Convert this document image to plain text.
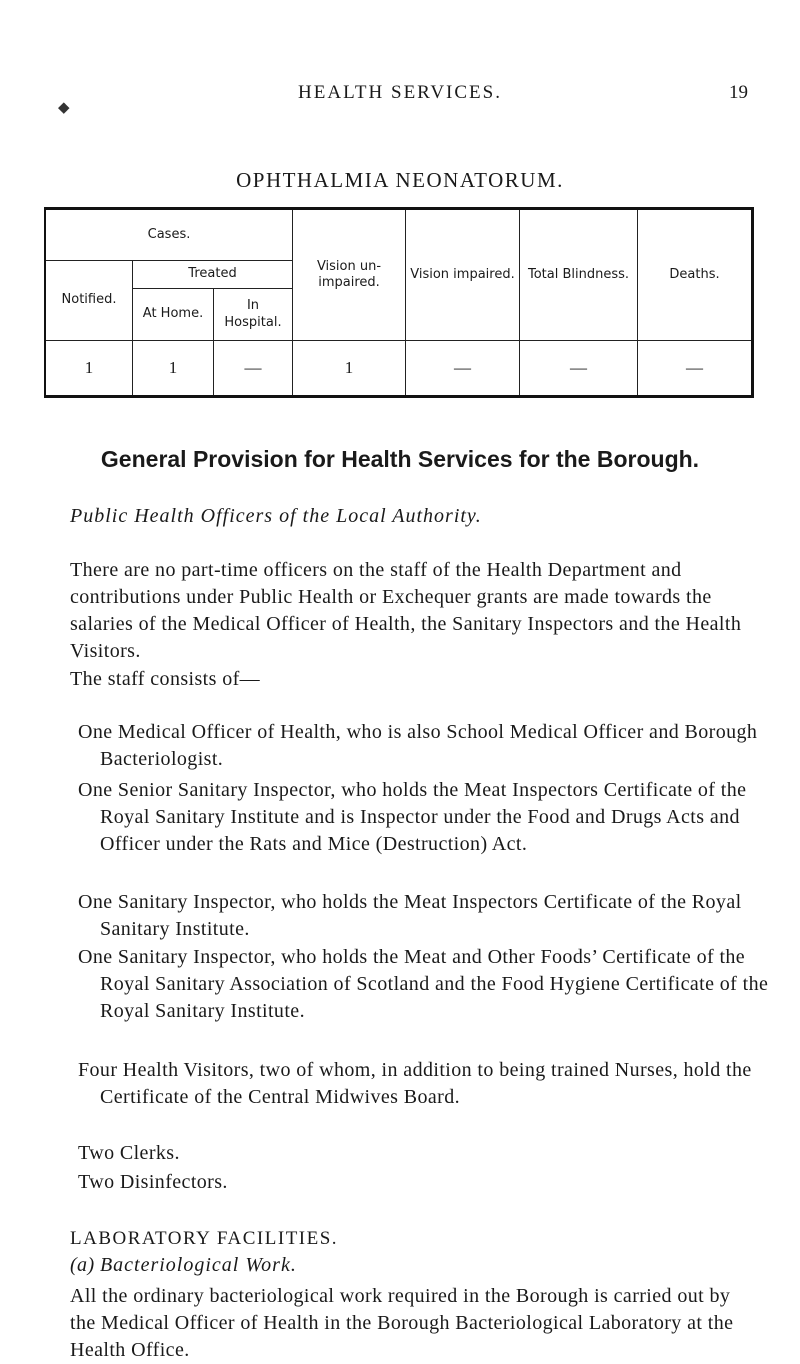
HEALTH SERVICES.	19
◆
OPHTHALMIA NEONATORUM.
Cases.			Vision un- impaired.	Vision impaired.	Total Blindness.	Deaths.
Notified.	Treated					
	At Home.	In Hospital.				
1	1	—	1	—	—	—
General Provision for Health Services for the Borough.
Public Health Officers of the Local Authority.
There are no part-time officers on the staff of the Health Department and contributions under Public Health or Exchequer grants are made towards the salaries of the Medical Officer of Health, the Sanitary Inspectors and the Health Visitors.
The staff consists of—
One Medical Officer of Health, who is also School Medical Officer and Borough Bacteriologist.
One Senior Sanitary Inspector, who holds the Meat Inspectors Certificate of the Royal Sanitary Institute and is Inspector under the Food and Drugs Acts and Officer under the Rats and Mice (Destruction) Act.
One Sanitary Inspector, who holds the Meat Inspectors Certificate of the Royal Sanitary Institute.
One Sanitary Inspector, who holds the Meat and Other Foods’ Certificate of the Royal Sanitary Association of Scotland and the Food Hygiene Certificate of the Royal Sanitary Institute.
Four Health Visitors, two of whom, in addition to being trained Nurses, hold the Certificate of the Central Midwives Board.
Two Clerks.
Two Disinfectors.
LABORATORY FACILITIES.
(a) Bacteriological Work.
All the ordinary bacteriological work required in the Borough is carried out by the Medical Officer of Health in the Borough Bacteriological Laboratory at the Health Office.
